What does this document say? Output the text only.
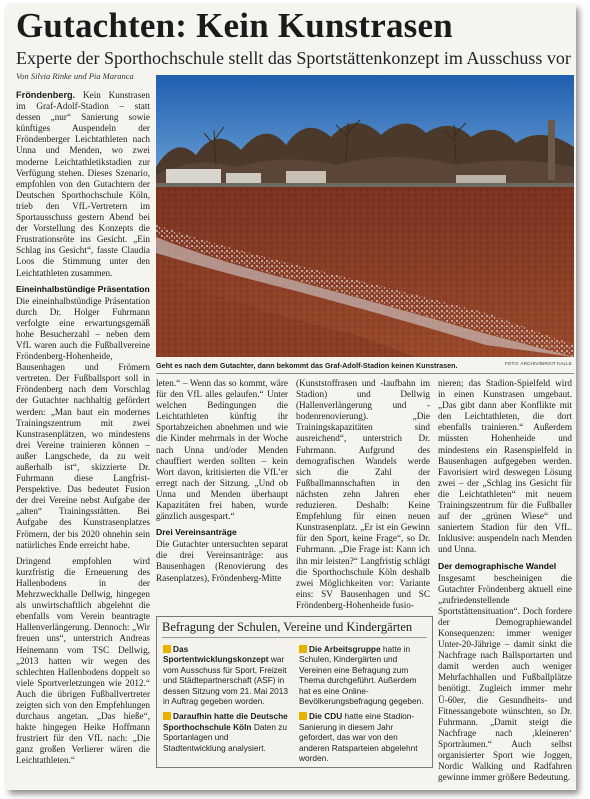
Gutachten: Kein Kunstrasen
Experte der Sporthochschule stellt das Sportstättenkonzept im Ausschuss vor
Von Silvia Rinke und Pia Maranca

Fröndenberg. Kein Kunstrasen im Graf-Adolf-Stadion – statt dessen „nur“ Sanierung sowie künftiges Auspendeln der Fröndenberger Leichtathleten nach Unna und Menden, wo zwei moderne Leichtathletikstadien zur Verfügung stehen. Dieses Szenario, empfohlen von den Gutachtern der Deutschen Sporthochschule Köln, trieb den VfL-Vertretern im Sportausschuss gestern Abend bei der Vorstellung des Konzepts die Frustrationsröte ins Gesicht. „Ein Schlag ins Gesicht“, fasste Claudia Loos die Stimmung unter den Leichtathleten zusammen.

Eineinhalbstündige Präsentation

Die eineinhalbstündige Präsentation durch Dr. Holger Fuhrmann verfolgte eine erwartungsgemäß hohe Besucherzahl – neben dem VfL waren auch die Fußballvereine Fröndenberg-Hohenheide, Bausenhagen und Frömern vertreten. Der Fußballsport soll in Fröndenberg nach dem Vorschlag der Gutachter nachhaltig gefördert werden: „Man baut ein modernes Trainingszentrum mit zwei Kunstrasenplätzen, wo mindestens drei Vereine trainieren können – außer Langschede, da zu weit außerhalb ist“, skizzierte Dr. Fuhrmann diese Langfrist-Perspektive. Das bedeutet Fusion der drei Vereine nebst Aufgabe der „alten“ Trainingsstätten. Bei Aufgabe des Kunstrasenplatzes Frömern, der bis 2020 ohnehin sein natürliches Ende erreicht habe.

Dringend empfohlen wird kurzfristig die Erneuerung des Hallenbodens in der Mehrzweckhalle Dellwig, hingegen als unwirtschaftlich abgelehnt die ebenfalls vom Verein beantragte Hallenverlängerung. Dennoch: „Wir freuen uns“, unterstrich Andreas Heinemann vom TSC Dellwig, „2013 hatten wir wegen des schlechten Hallenbodens doppelt so viele Sportverletzungen wie 2012.“ Auch die übrigen Fußballvertreter zeigten sich von den Empfehlungen durchaus angetan. „Das hieße“, hakte hingegen Heike Hoffmann frustriert für den VfL nach: „Die ganz großen Verlierer wären die Leichtathleten.“

Geht es nach dem Gutachter, dann bekommt das Graf-Adolf-Stadion keinen Kunstrasen.	FOTO: ARCHIV/BIRGIT KALLE

leten.“ – Wenn das so kommt, wäre für den VfL alles gelaufen.“ Unter welchen Bedingungen die Leichtathleten künftig ihr Sportabzeichen abnehmen und wie die Kinder mehrmals in der Woche nach Unna und/oder Menden chauffiert werden sollten – kein Wort davon, kritisierten die VfL’er erregt nach der Sitzung. „Und ob Unna und Menden überhaupt Kapazitäten frei haben, wurde gänzlich ausgespart.“

Drei Vereinsanträge

Die Gutachter untersuchten separat die drei Vereinsanträge: aus Bausenhagen (Renovierung des Rasenplatzes), Fröndenberg-Mitte

(Kunststoffrasen und -laufbahn im Stadion) und Dellwig (Hallenverlängerung und -bodenrenovierung). „Die Trainingskapazitäten sind ausreichend“, unterstrich Dr. Fuhrmann. Aufgrund des demografischen Wandels werde sich die Zahl der Fußballmannschaften in den nächsten zehn Jahren eher reduzieren. Deshalb: Keine Empfehlung für einen neuen Kunstrasenplatz. „Er ist ein Gewinn für den Sport, keine Frage“, so Dr. Fuhrmann. „Die Frage ist: Kann ich ihn mir leisten?“ Langfristig schlägt die Sporthochschule Köln deshalb zwei Möglichkeiten vor: Variante eins: SV Bausenhagen und SC Fröndenberg-Hohenheide fusio-

nieren; das Stadion-Spielfeld wird in einen Kunstrasen umgebaut. „Das gibt dann aber Konflikte mit den Leichtathleten, die dort ebenfalls trainieren.“ Außerdem müssten Hohenheide und mindestens ein Rasenspielfeld in Bausenhagen aufgegeben werden. Favorisiert wird deswegen Lösung zwei – der „Schlag ins Gesicht für die Leichtathleten“ mit neuem Trainingszentrum für die Fußballer auf der „grünen Wiese“ und saniertem Stadion für den VfL. Inklusive: auspendeln nach Menden und Unna.

Der demographische Wandel

Insgesamt bescheinigen die Gutachter Fröndenberg aktuell eine „zufriedenstellende Sportstättensituation“. Doch fordere der Demographiewandel Konsequenzen: immer weniger Unter-20-Jährige – damit sinkt die Nachfrage nach Ballsportarten und damit werden auch weniger Mehrfachhallen und Fußballplätze benötigt. Zugleich immer mehr Ü-60er, die Gesundheits- und Fitnessangebote wünschten, so Dr. Fuhrmann. „Damit steigt die Nachfrage nach ‚kleineren‘ Sporträumen.“ Auch selbst organisierter Sport wie Joggen, Nordic Walking und Radfahren gewinne immer größere Bedeutung.

Befragung der Schulen, Vereine und Kindergärten

Das Sportentwicklungskonzept war vom Ausschuss für Sport, Freizeit und Städtepartnerschaft (ASF) in dessen Sitzung vom 21. Mai 2013 in Auftrag gegeben worden.

Daraufhin hatte die Deutsche Sporthochschule Köln Daten zu Sportanlagen und Stadtentwicklung analysiert.

Die Arbeitsgruppe hatte in Schulen, Kindergärten und Vereinen eine Befragung zum Thema durchgeführt. Außerdem hat es eine Online-Bevölkerungsbefragung gegeben.

Die CDU hatte eine Stadion-Sanierung in diesem Jahr gefordert, das war von den anderen Ratsparteien abgelehnt worden.
